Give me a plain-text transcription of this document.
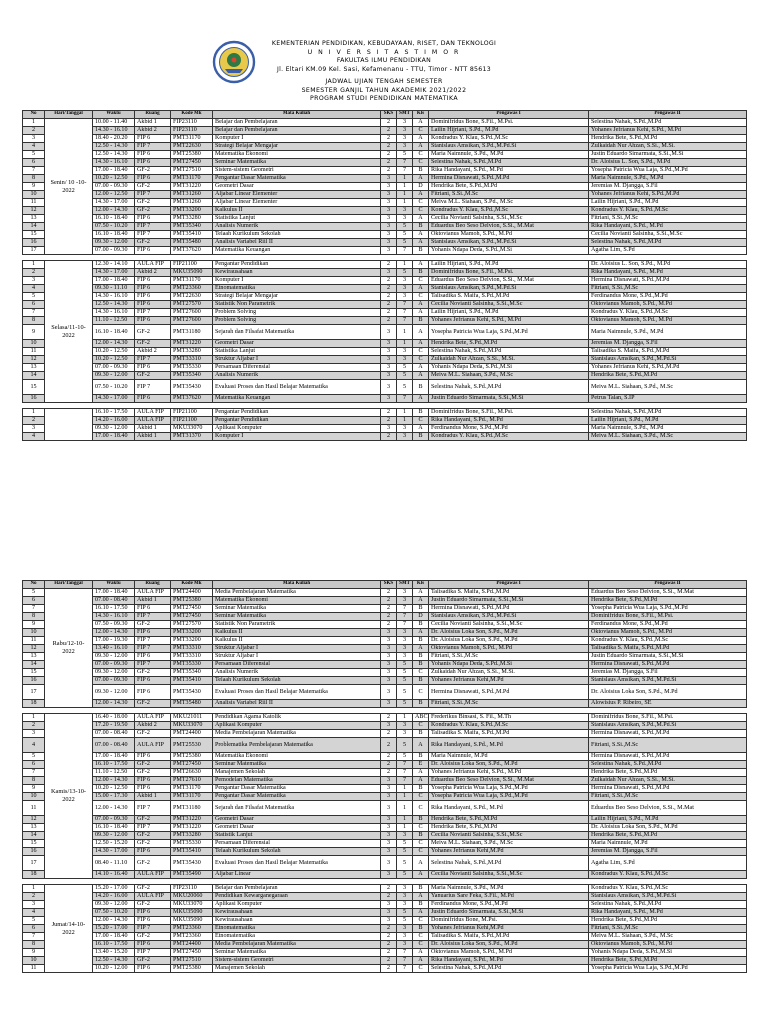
KEMENTERIAN PENDIDIKAN, KEBUDAYAAN, RISET, DAN TEKNOLOGI
U N I V E R S I T A S T I M O R
FAKULTAS ILMU PENDIDIKAN
Jl. Eltari KM.09 Kel. Sasi, Kefamenanu - TTU, Timor - NTT 85613
JADWAL UJIAN TENGAH SEMESTER
SEMESTER GANJIL TAHUN AKADEMIK 2021/2022
PROGRAM STUDI PENDIDIKAN MATEMATIKA
No	Hari/Tanggal	Waktu	Ruang	Kode Mk	Mata Kuliah	SKS	SMT	Kls	Pengawas I	Pengawas II
1	Senin/ 10 -10-2022	10.00 - 11.40	Akbid 1	FIP23110	Belajar dan Pembelajaran	2	3	A	Dominifridus Bone, S.Fil., M.Psi.	Selestina Nahak, S.Pd.,M.Pd
2		14.30 - 16.10	Akbid 2	FIP23110	Belajar dan Pembelajaran	2	3	C	Lailin Hijriani, S.Pd., M.Pd	Yohanes Jefrianus Kehi, S.Pd., M.Pd
3		18.40 - 20.20	FIP 6	PMT31170	Komputer I	2	3	A	Kondradus Y. Klau, S.Pd.,M.Sc	Hendrika Bete, S.Pd.,M.Pd
4		12.50 - 14.30	FIP 7	PMT22630	Strategi Belajar Mengajar	2	3	A	Stanislaus Amsikan, S.Pd.,M.Pd.Si	Zulkaidah Nur Ahzan, S.Si., M.Si.
5		12.50 - 14.30	FIP 6	PMT25380	Matematika Ekonomi	2	5	C	Maria Naimnule, S.Pd., M.Pd	Justin Eduardo Simarmata, S.Si.,M.Si
6		14.30 - 16.10	FIP 6	PMT27450	Seminar Matematika	2	7	C	Selestina Nahak, S.Pd.,M.Pd	Dr. Aloisius L. Son, S.Pd., M.Pd
7		17.00 - 18.40	GF-2	PMT27510	Sistem-sistem Geometri	2	7	B	Rika Handayani, S.Pd., M.Pd	Yosepha Patricia Wua Laja, S.Pd.,M.Pd
8		10.20 - 12.50	FIP 6	PMT31170	Pengantar Dasar Matematika	3	1	A	Hermina Disnawati, S.Pd.,M.Pd	Maria Naimnule, S.Pd., M.Pd
9		07.00 - 09.30	GF-2	PMT31220	Geometri Dasar	3	1	D	Hendrika Bete, S.Pd.,M.Pd	Jeremias M. Djangga, S.Fil
10		12.00 - 12.50	FIP 7	PMT31260	Aljabar Linear Elementer	3	1	A	Fitriani, S.Si.,M.Sc	Yohanes Jefrianus Kehi, S.Pd.,M.Pd
11		14.30 - 17.00	GF-2	PMT31260	Aljabar Linear Elementer	3	1	C	Meiva M.L. Siahaan, S.Pd., M.Sc	Lailin Hijriani, S.Pd., M.Pd
12		12.00 - 14.30	GF-2	PMT33200	Kalkulus II	3	3	C	Kondradus Y. Klau, S.Pd.,M.Sc	Kondradus Y. Klau, S.Pd.,M.Sc
13		16.10 - 18.40	FIP 6	PMT33280	Statistika Lanjut	3	3	A	Cecilia Novianti Salsinha, S.Si.,M.Sc	Fitriani, S.Si.,M.Sc
14		07.50 - 10.20	FIP 7	PMT35340	Analisis Numerik	3	5	B	Eduardus Beo Seso Delvion, S.Si., M.Mat	Rika Handayani, S.Pd., M.Pd
15		16.10 - 18.40	FIP 7	PMT35410	Telaah Kurikulum Sekolah	3	5	A	Oktovianus Mamoh, S.Pd., M.Pd	Cecilia Novianti Salsinha, S.Si.,M.Sc
16		09.30 - 12.00	GF-2	PMT35480	Analisis Variabel Riil II	3	5	A	Stanislaus Amsikan, S.Pd.,M.Pd.Si	Selestina Nahak, S.Pd.,M.Pd
17		07.00 - 09.30	FIP 6	PMT37620	Matematika Keuangan	3	7	B	Yohanis Ndapa Deda, S.Pd.,M.Si	Agatha Lim, S.Pd

1	Selasa/11-10-2022	12.30 - 14.10	AULA FIP	FIP21100	Pengantar Pendidikan	2	1	A	Lailin Hijriani, S.Pd., M.Pd	Dr. Aloisius L. Son, S.Pd., M.Pd
2		14.30 - 17.00	Akbid 2	MKU35090	Kewirausahaan	3	5	B	Dominifridus Bone, S.Fil., M.Psi.	Rika Handayani, S.Pd., M.Pd
3		17.00 - 18.40	FIP 6	PMT31170	Komputer I	2	3	C	Eduardus Beo Seso Delvion, S.Si., M.Mat	Hermina Disnawati, S.Pd.,M.Pd
4		09.30 - 11.10	FIP 6	PMT23360	Etnomatematika	2	3	A	Stanislaus Amsikan, S.Pd.,M.Pd.Si	Fitriani, S.Si.,M.Sc
5		14.30 - 16.10	FIP 6	PMT22630	Strategi Belajar Mengajar	2	3	C	Talisadika S. Maifa, S.Pd.,M.Pd	Ferdinandus Mone, S.Pd.,M.Pd
6		12.50 - 14.30	FIP 6	PMT27570	Statistik Non Parametrik	2	7	A	Cecilia Novianti Salsinha, S.Si.,M.Sc	Oktovianus Mamoh, S.Pd., M.Pd
7		14.30 - 16.10	FIP 7	PMT27600	Problem Solving	2	7	A	Lailin Hijriani, S.Pd., M.Pd	Kondradus Y. Klau, S.Pd.,M.Sc
8		11.10 - 12.50	FIP 6	PMT27600	Problem Solving	2	7	B	Yohanes Jefrianus Kehi, S.Pd., M.Pd	Oktovianus Mamoh, S.Pd., M.Pd
9		16.10 - 18.40	GF-2	PMT31180	Sejarah dan Filsafat Matematika	3	1	A	Yosepha Patricia Wua Laja, S.Pd.,M.Pd	Maria Naimnule, S.Pd., M.Pd
10		12.00 - 14.30	GF-2	PMT31220	Geometri Dasar	3	1	A	Hendrika Bete, S.Pd.,M.Pd	Jeremias M. Djangga, S.Fil
11		10.20 - 12.50	Akbid 2	PMT33280	Statistika Lanjut	3	3	C	Selestina Nahak, S.Pd.,M.Pd	Talisadika S. Maifa, S.Pd.,M.Pd
12		10.20 - 12.50	FIP 7	PMT33310	Struktur Aljabar I	3	3	C	Zulkaidah Nur Ahzan, S.Si., M.Si.	Stanislaus Amsikan, S.Pd.,M.Pd.Si
13		07.00 - 09.30	FIP 6	PMT35330	Persamaan Diferensial	3	5	A	Yohanis Ndapa Deda, S.Pd.,M.Si	Yohanes Jefrianus Kehi, S.Pd.,M.Pd
14		09.30 - 12.00	GF-2	PMT35340	Analisis Numerik	3	5	A	Meiva M.L. Siahaan, S.Pd., M.Sc	Hendrika Bete, S.Pd.,M.Pd
15		07.50 - 10.20	FIP 7	PMT35430	Evaluasi Proses dan Hasil Belajar Matematika	3	5	B	Selestina Nahak, S.Pd.,M.Pd	Meiva M.L. Siahaan, S.Pd., M.Sc
16		14.30 - 17.00	FIP 6	PMT37620	Matematika Keuangan	3	7	A	Justin Eduardo Simarmata, S.Si.,M.Si	Petrus Talan, S.IP

1		16.10 - 17.50	AULA FIP	FIP21100	Pengantar Pendidikan	2	1	B	Dominifridus Bone, S.Fil., M.Psi.	Selestina Nahak, S.Pd.,M.Pd
2		14.20 - 16.00	AULA FIP	FIP21100	Pengantar Pendidikan	2	1	C	Rika Handayani, S.Pd., M.Pd	Lailin Hijriani, S.Pd., M.Pd
3		09.30 - 12.00	Akbid 1	MKU33070	Aplikasi Komputer	3	3	A	Ferdinandus Mone, S.Pd.,M.Pd	Maria Naimnule, S.Pd., M.Pd
4		17.00 - 18.40	Akbid 1	PMT31370	Komputer I	2	3	B	Kondradus Y. Klau, S.Pd.,M.Sc	Meiva M.L. Siahaan, S.Pd., M.Sc
No	Hari/Tanggal	Waktu	Ruang	Kode Mk	Mata Kuliah	SKS	SMT	Kls	Pengawas I	Pengawas II
5	Rabu/12-10-2022	17.00 - 18.40	AULA FIP	PMT24400	Media Pembelajaran Matematika	2	3	A	Talisadika S. Maifa, S.Pd.,M.Pd	Eduardus Beo Seso Delvion, S.Si., M.Mat
6		07.00 - 08.40	Akbid 1	PMT25380	Matematika Ekonomi	2	3	A	Justin Eduardo Simarmata, S.Si.,M.Si	Hendrika Bete, S.Pd.,M.Pd
7		16.10 - 17.50	FIP 6	PMT27450	Seminar Matematika	2	7	B	Hermina Disnawati, S.Pd.,M.Pd	Yosepha Patricia Wua Laja, S.Pd.,M.Pd
8		14.30 - 16.10	FIP 7	PMT27450	Seminar Matematika	2	7	D	Stanislaus Amsikan, S.Pd.,M.Pd.Si	Dominifridus Bone, S.Fil., M.Psi.
9		07.50 - 09.30	GF-2	PMT27570	Statistik Non Parametrik	2	7	B	Cecilia Novianti Salsinha, S.Si.,M.Sc	Ferdinandus Mone, S.Pd.,M.Pd
10		12.00 - 14.30	FIP 6	PMT33200	Kalkulus II	3	3	A	Dr. Aloisius Loka Son, S.Pd., M.Pd	Oktovianus Mamoh, S.Pd., M.Pd
11		17.00 - 19.30	FIP 7	PMT33200	Kalkulus II	3	3	B	Dr. Aloisius Loka Son, S.Pd., M.Pd	Kondradus Y. Klau, S.Pd.,M.Sc
12		13.40 - 16.10	FIP 7	PMT33310	Struktur Aljabar I	3	3	A	Oktovianus Mamoh, S.Pd., M.Pd	Talisadika S. Maifa, S.Pd.,M.Pd
13		09.30 - 12.00	FIP 6	PMT33310	Struktur Aljabar I	3	3	B	Fitriani, S.Si.,M.Sc	Justin Eduardo Simarmata, S.Si.,M.Si
14		07.00 - 09.30	FIP 7	PMT35330	Persamaan Diferensial	3	5	B	Yohanis Ndapa Deda, S.Pd.,M.Si	Hermina Disnawati, S.Pd.,M.Pd
15		09.30 - 12.00	GF-2	PMT35340	Analisis Numerik	3	5	C	Zulkaidah Nur Ahzan, S.Si., M.Si.	Jeremias M. Djangga, S.Fil
16		07.00 - 09.30	FIP 6	PMT35410	Telaah Kurikulum Sekolah	3	5	B	Yohanes Jefrianus Kehi,M.Pd	Stanislaus Amsikan, S.Pd.,M.Pd.Si
17		09.30 - 12.00	FIP 6	PMT35430	Evaluasi Proses dan Hasil Belajar Matematika	3	5	C	Hermina Disnawati, S.Pd.,M.Pd	Dr. Aloisius Loka Son, S.Pd., M.Pd
18		12.00 - 14.30	GF-2	PMT35480	Analisis Variabel Riil II	3	5	B	Fitriani, S.Si.,M.Sc	Alowisius P. Ribeiro, SE

1	Kamis/13-10-2022	16.40 - 18.00	AULA FIP	MKU21011	Pendidikan Agama Katolik	2	1	ABC	Frederikus Binsasi, S. Fil., M.Th	Dominifridus Bone, S.Fil., M.Psi.
2		17.20 - 19.50	Akbid 2	MKU33070	Aplikasi Komputer	3	3	C	Kondradus Y. Klau, S.Pd.,M.Sc	Stanislaus Amsikan, S.Pd.,M.Pd.Si
3		07.00 - 08.40	GF-2	PMT24400	Media Pembelajaran Matematika	2	3	B	Talisadika S. Maifa, S.Pd.,M.Pd	Hermina Disnawati, S.Pd.,M.Pd
4		07.00 - 08.40	AULA FIP	PMT25530	Problematika Pembelajaran Matematika	2	5	A	Rika Handayani, S.Pd., M.Pd	Fitriani, S.Si.,M.Sc
5		17.00 - 18.40	FIP 6	PMT25380	Matematika Ekonomi	2	5	B	Maria Naimnule, M.Pd	Hermina Disnawati, S.Pd.,M.Pd
6		16.10 - 17.50	GF-2	PMT27450	Seminar Matematika	2	7	E	Dr. Aloisius Loka Son, S.Pd., M.Pd	Selestina Nahak, S.Pd.,M.Pd
7		11.10 - 12.50	GF-2	PMT26630	Manajemen Sekolah	2	7	A	Yohanes Jefrianus Kehi, S.Pd., M.Pd	Hendrika Bete, S.Pd.,M.Pd
8		12.00 - 14.30	FIP 6	PMT27610	Pemodelan Matematika	3	7	A	Eduardus Beo Seso Delvion, S.Si., M.Mat	Zulkaidah Nur Ahzan, S.Si., M.Si.
9		10.20 - 12.50	FIP 6	PMT31170	Pengantar Dasar Matematika	3	1	B	Yosepha Patricia Wua Laja, S.Pd.,M.Pd	Hermina Disnawati, S.Pd.,M.Pd
10		15.00 - 17.30	Akbid 1	PMT31170	Pengantar Dasar Matematika	3	1	C	Yosepha Patricia Wua Laja, S.Pd.,M.Pd	Fitriani, S.Si.,M.Sc
11		12.00 - 14.30	FIP 7	PMT31180	Sejarah dan Filsafat Matematika	3	1	C	Rika Handayani, S.Pd., M.Pd	Eduardus Beo Seso Delvion, S.Si., M.Mat
12		07.00 - 09.30	GF-2	PMT31220	Geometri Dasar	3	1	B	Hendrika Bete, S.Pd.,M.Pd	Lailin Hijriani, S.Pd., M.Pd
13		16.10 - 18.40	FIP 7	PMT31220	Geometri Dasar	3	1	C	Hendrika Bete, S.Pd.,M.Pd	Dr. Aloisius Loka Son, S.Pd., M.Pd
14		09.30 - 12.00	GF-2	PMT33280	Statistik Lanjut	3	3	B	Cecilia Novianti Salsinha, S.Si.,M.Sc	Hendrika Bete, S.Pd.,M.Pd
15		12.50 - 15.20	GF-2	PMT35330	Persamaan Diferensial	3	5	C	Meiva M.L. Siahaan, S.Pd., M.Sc	Maria Naimnule, M.Pd
16		14.30 - 17.00	FIP 6	PMT35410	Telaah Kurikulum Sekolah	3	5	C	Yohanes Jefrianus Kehi,M.Pd	Jeremias M. Djangga, S.Fil
17		08.40 - 11.10	GF-2	PMT35430	Evaluasi Proses dan Hasil Belajar Matematika	3	5	A	Selestina Nahak, S.Pd.,M.Pd	Agatha Lim, S.Pd
18		14.10 - 16.40	AULA FIP	PMT35490	Aljabar Linear	3	5	A	Cecilia Novianti Salsinha, S.Si.,M.Sc	Kondradus Y. Klau, S.Pd.,M.Sc

1	Jumat/14-10-2022	15.20 - 17.00	GF-2	FIP23110	Belajar dan Pembelajaran	2	3	B	Maria Naimnule, S.Pd., M.Pd	Kondradus Y. Klau, S.Pd.,M.Sc
2		14.20 - 16.00	AULA FIP	MKU20060	Pendidikan Kewarganegaraan	2	3	A	Yanuarius Sare Feka, S.Fil., M.Pd	Stanislaus Amsikan, S.Pd.,M.Pd.Si
3		09.30 - 12.00	GF-2	MKU33070	Aplikasi Komputer	3	3	B	Ferdinandus Mone, S.Pd.,M.Pd	Selestina Nahak, S.Pd.,M.Pd
4		07.50 - 10.20	FIP 6	MKU35090	Kewirausahaan	3	5	A	Justin Eduardo Simarmata, S.Si.,M.Si	Rika Handayani, S.Pd., M.Pd
5		12.00 - 14.30	FIP 6	MKU35090	Kewirausahaan	3	5	C	Dominifridus Bone, M.Psi.	Hendrika Bete, S.Pd.,M.Pd
6		15.20 - 17.00	FIP 7	PMT23360	Etnomatematika	2	3	B	Yohanes Jefrianus Kehi,M.Pd	Fitriani, S.Si.,M.Sc
7		17.00 - 18.40	GF-2	PMT23360	Etnomatematika	2	3	C	Talisadika S. Maifa, S.Pd.,M.Pd	Meiva M.L. Siahaan, S.Pd., M.Sc
8		16.10 - 17.50	FIP 6	PMT24400	Media Pembelajaran Matematika	2	3	C	Dr. Aloisius Loka Son, S.Pd., M.Pd	Oktovianus Mamoh, S.Pd., M.Pd
9		13.40 - 15.20	FIP 7	PMT27450	Seminar Matematika	2	7	A	Oktovianus Mamoh, S.Pd., M.Pd	Yohanis Ndapa Deda, S.Pd.,M.Si
10		12.50 - 14.30	GF-2	PMT27510	Sistem-sistem Geometri	2	7	A	Rika Handayani, S.Pd., M.Pd	Hendrika Bete, S.Pd.,M.Pd
11		10.20 - 12.00	FIP 6	PMT25380	Manajemen Sekolah	2	7	C	Selestina Nahak, S.Pd.,M.Pd	Yosepha Patricia Wua Laja, S.Pd.,M.Pd
